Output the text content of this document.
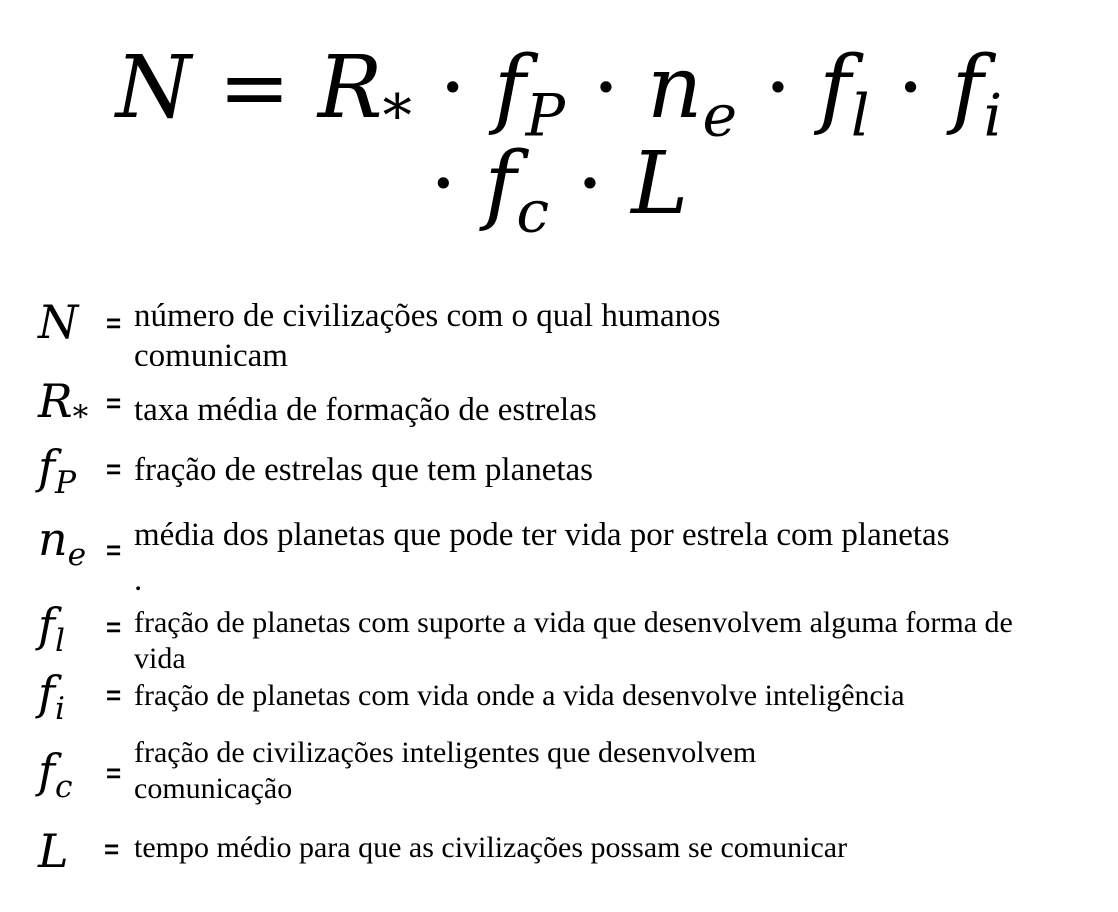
$N = R_* \cdot f_P \cdot n_e \cdot f_l \cdot f_i$
· $f_c \cdot L$
N = número de civilizações com o qual humanos
comunicam
$R_*$ = taxa média de formação de estrelas
$f_P$ = fração de estrelas que tem planetas
$n_e$ = média dos planetas que pode ter vida por estrela com planetas
.
$f_l$ = fração de planetas com suporte a vida que desenvolvem alguma forma de
vida
$f_i$ = fração de planetas com vida onde a vida desenvolve inteligência
$f_c$ =
fração de civilizações inteligentes que desenvolvem
comunicação
L = tempo médio para que as civilizações possam se comunicar
